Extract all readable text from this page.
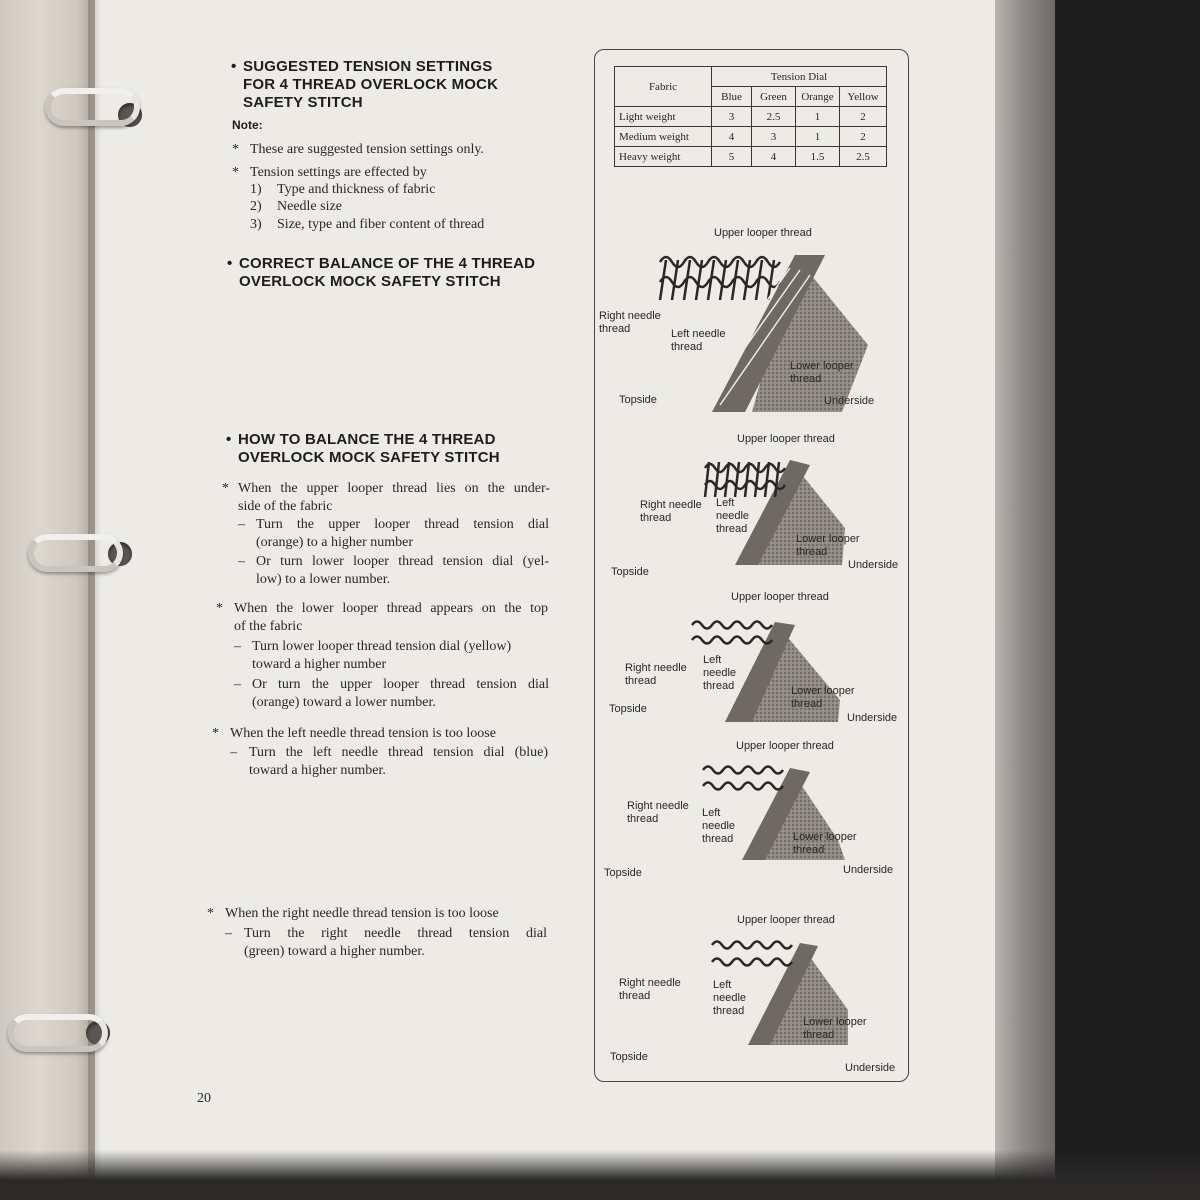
• SUGGESTED TENSION SETTINGS
FOR 4 THREAD OVERLOCK MOCK
SAFETY STITCH
Note:
* These are suggested tension settings only.
* Tension settings are effected by
1) Type and thickness of fabric
2) Needle size
3) Size, type and fiber content of thread
• CORRECT BALANCE OF THE 4 THREAD
OVERLOCK MOCK SAFETY STITCH
• HOW TO BALANCE THE 4 THREAD
OVERLOCK MOCK SAFETY STITCH
* When the upper looper thread lies on the under-
side of the fabric
– Turn the upper looper thread tension dial
(orange) to a higher number
– Or turn lower looper thread tension dial (yel-
low) to a lower number.
* When the lower looper thread appears on the top
of the fabric
– Turn lower looper thread tension dial (yellow)
toward a higher number
– Or turn the upper looper thread tension dial
(orange) toward a lower number.
* When the left needle thread tension is too loose
– Turn the left needle thread tension dial (blue)
toward a higher number.
* When the right needle thread tension is too loose
– Turn the right needle thread tension dial
(green) toward a higher number.
20
Fabric	Tension Dial			
	Blue	Green	Orange	Yellow
Light weight	3	2.5	1	2
Medium weight	4	3	1	2
Heavy weight	5	4	1.5	2.5
Upper looper thread
Right needle
thread	Left needle
thread
Lower looper
thread
Topside	Underside
Upper looper thread
Right needle
thread
Left
needle
thread
Lower looper
thread
Topside
Underside
Upper looper thread
Right needle
thread
Left
needle
thread	Lower looper
thread
Topside
Underside
Upper looper thread
Right needle
thread	Left
needle
thread	Lower looper
thread
Topside	Underside
Upper looper thread
Right needle
thread
Left
needle
thread
Lower looper
thread
Topside
Underside
